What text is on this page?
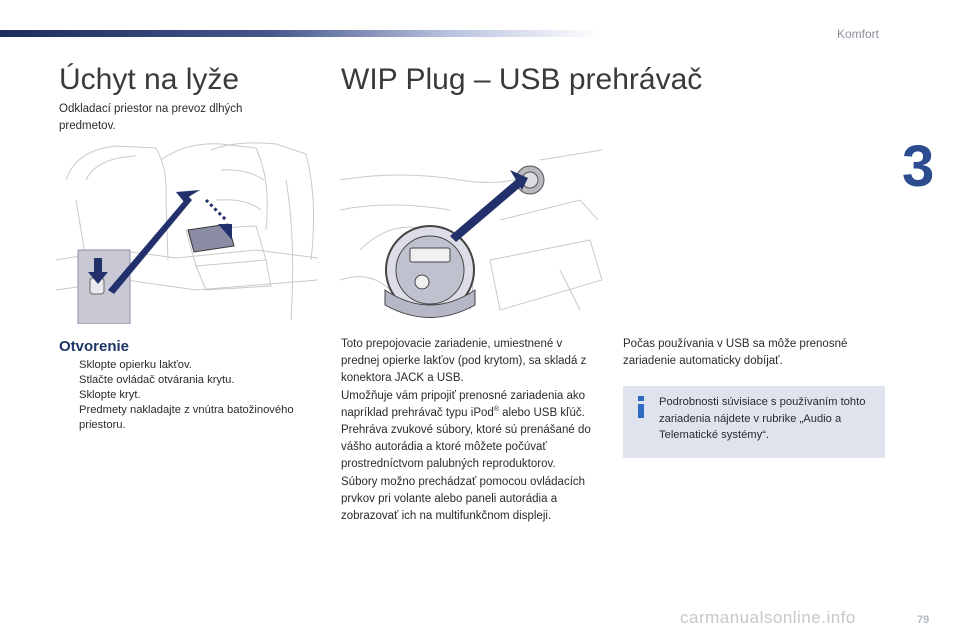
Komfort
3
Úchyt na lyže	WIP Plug – USB prehrávač
Odkladací priestor na prevoz dlhých predmetov.
Otvorenie
Sklopte opierku lakťov.
Stlačte ovládač otvárania krytu.
Sklopte kryt.
Predmety nakladajte z vnútra batožinového priestoru.

Toto prepojovacie zariadenie, umiestnené v prednej opierke lakťov (pod krytom), sa skladá z konektora JACK a USB.

Umožňuje vám pripojiť prenosné zariadenia ako napríklad prehrávač typu iPod® alebo USB kľúč.

Prehráva zvukové súbory, ktoré sú prenášané do vášho autorádia a ktoré môžete počúvať prostredníctvom palubných reproduktorov.

Súbory možno prechádzať pomocou ovládacích prvkov pri volante alebo paneli autorádia a zobrazovať ich na multifunkčnom displeji.

Počas používania v USB sa môže prenosné zariadenie automaticky dobíjať.

Podrobnosti súvisiace s používaním tohto zariadenia nájdete v rubrike „Audio a Telematické systémy“.

carmanualsonline.info	79
